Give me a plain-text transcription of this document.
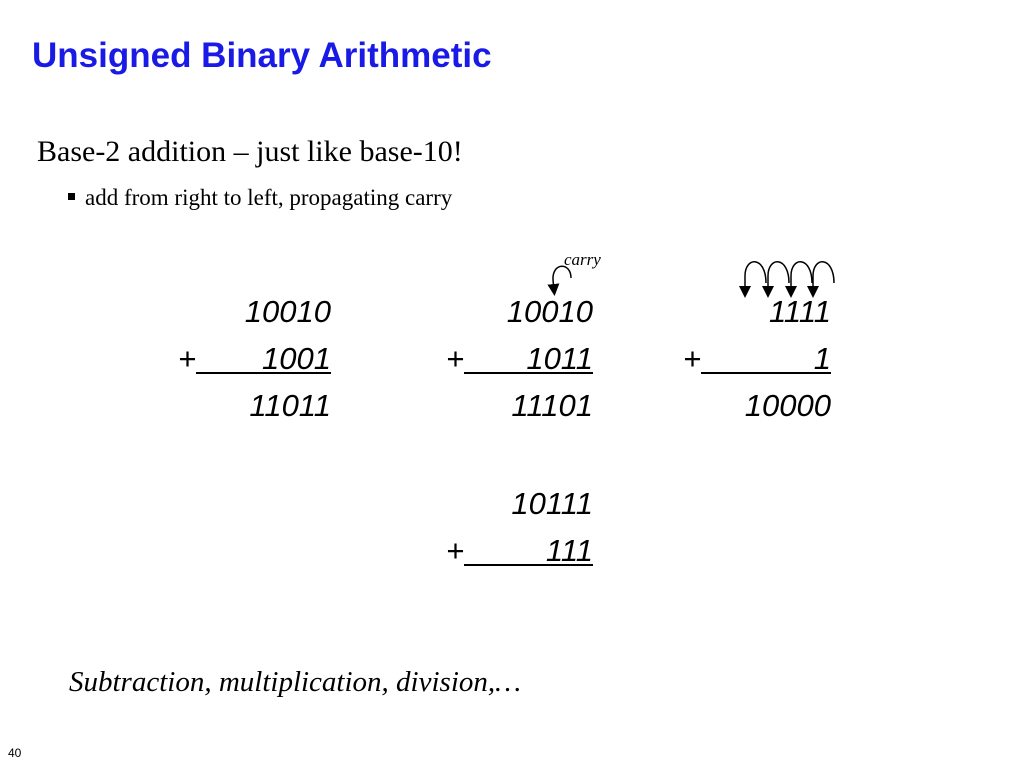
Unsigned Binary Arithmetic
Base-2 addition – just like base-10!
add from right to left, propagating carry
carry
10010
+ 1001
11011
10010
+ 1011
11101
1111
+	1
10000
10111
+	111
Subtraction, multiplication, division,…
40
